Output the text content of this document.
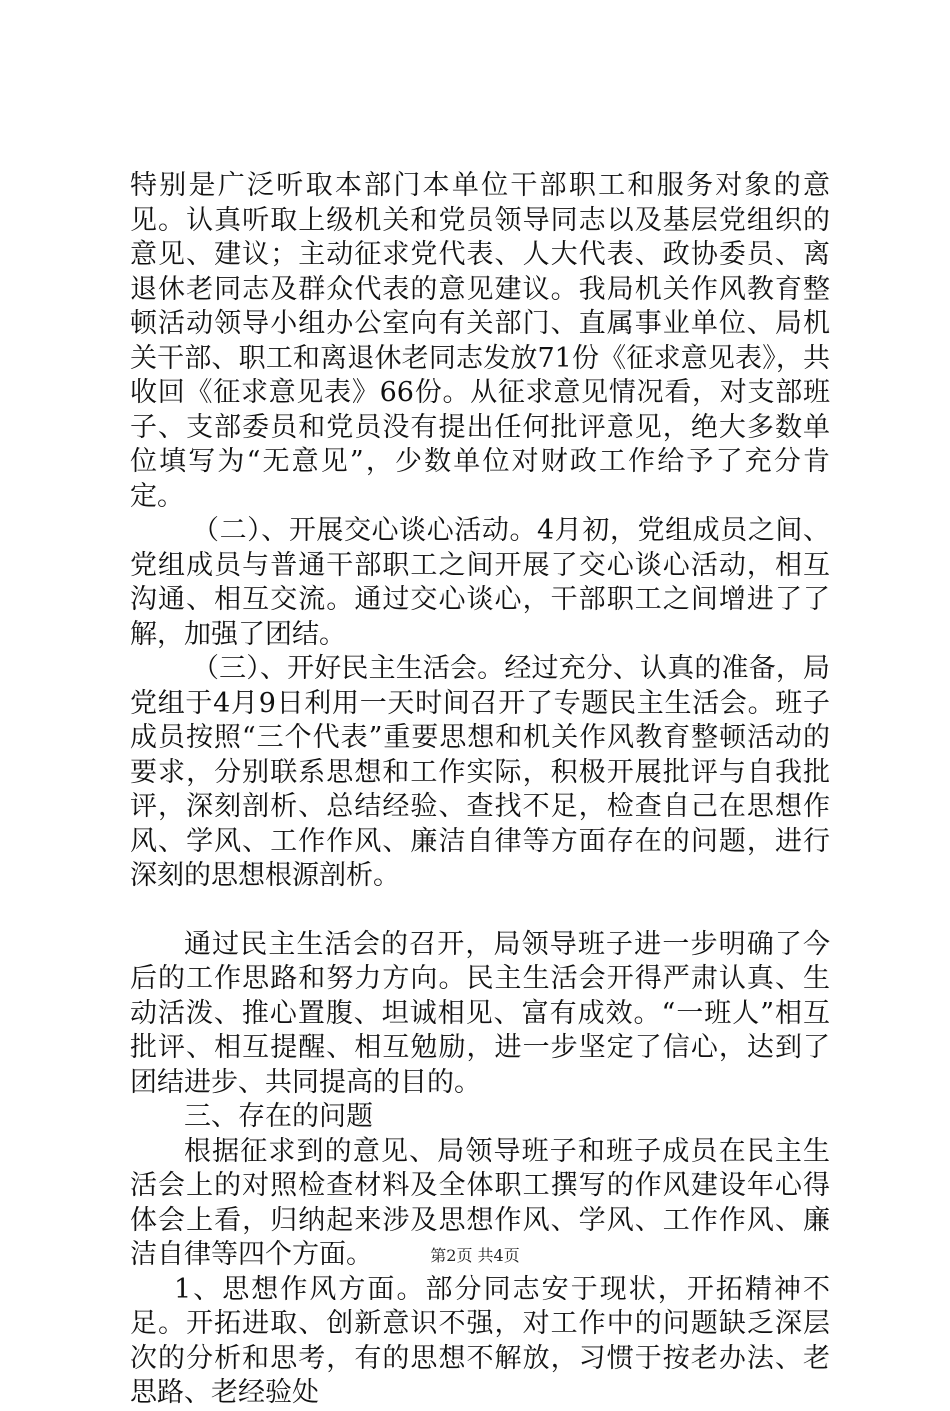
特别是广泛听取本部门本单位干部职工和服务对象的意见。认真听取上级机关和党员领导同志以及基层党组织的意见、建议；主动征求党代表、人大代表、政协委员、离退休老同志及群众代表的意见建议。我局机关作风教育整顿活动领导小组办公室向有关部门、直属事业单位、局机关干部、职工和离退休老同志发放71份《征求意见表》，共收回《征求意见表》66份。从征求意见情况看，对支部班子、支部委员和党员没有提出任何批评意见，绝大多数单位填写为“无意见”，少数单位对财政工作给予了充分肯定。

（二）、开展交心谈心活动。4月初，党组成员之间、党组成员与普通干部职工之间开展了交心谈心活动，相互沟通、相互交流。通过交心谈心，干部职工之间增进了了解，加强了团结。

（三）、开好民主生活会。经过充分、认真的准备，局党组于4月9日利用一天时间召开了专题民主生活会。班子成员按照“三个代表”重要思想和机关作风教育整顿活动的要求，分别联系思想和工作实际，积极开展批评与自我批评，深刻剖析、总结经验、查找不足，检查自己在思想作风、学风、工作作风、廉洁自律等方面存在的问题，进行深刻的思想根源剖析。

通过民主生活会的召开，局领导班子进一步明确了今后的工作思路和努力方向。民主生活会开得严肃认真、生动活泼、推心置腹、坦诚相见、富有成效。“一班人”相互批评、相互提醒、相互勉励，进一步坚定了信心，达到了团结进步、共同提高的目的。

三、存在的问题

根据征求到的意见、局领导班子和班子成员在民主生活会上的对照检查材料及全体职工撰写的作风建设年心得体会上看，归纳起来涉及思想作风、学风、工作作风、廉洁自律等四个方面。

1、思想作风方面。部分同志安于现状，开拓精神不足。开拓进取、创新意识不强，对工作中的问题缺乏深层次的分析和思考，有的思想不解放，习惯于按老办法、老思路、老经验处

第2页 共4页
